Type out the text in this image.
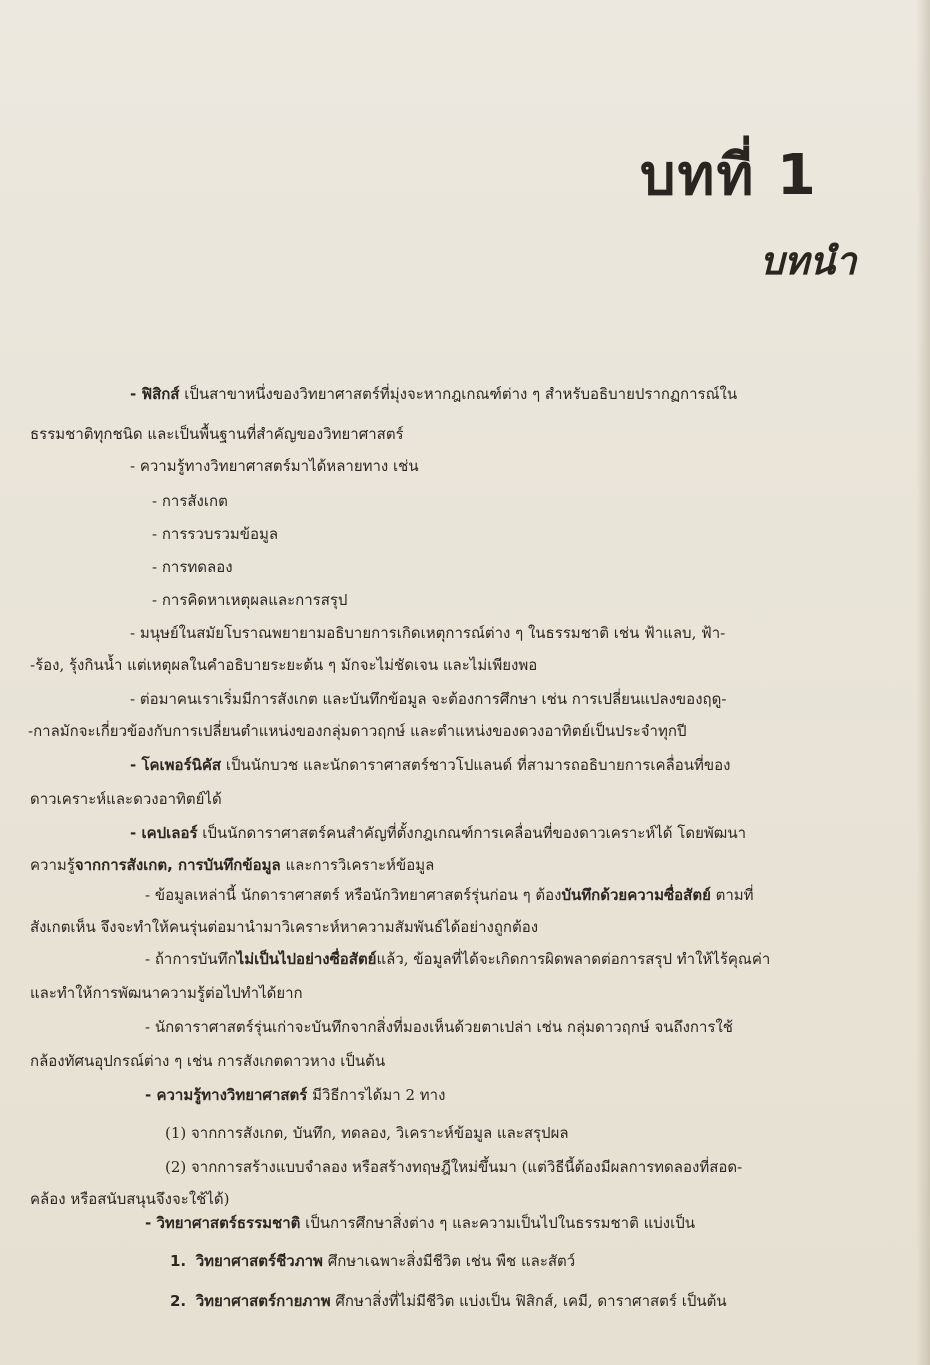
บทที่ 1
บทนำ
- ฟิสิกส์ เป็นสาขาหนึ่งของวิทยาศาสตร์ที่มุ่งจะหากฎเกณฑ์ต่าง ๆ สำหรับอธิบายปรากฏการณ์ใน
ธรรมชาติทุกชนิด และเป็นพื้นฐานที่สำคัญของวิทยาศาสตร์
- ความรู้ทางวิทยาศาสตร์มาได้หลายทาง เช่น
- การสังเกต
- การรวบรวมข้อมูล
- การทดลอง
- การคิดหาเหตุผลและการสรุป
- มนุษย์ในสมัยโบราณพยายามอธิบายการเกิดเหตุการณ์ต่าง ๆ ในธรรมชาติ เช่น ฟ้าแลบ, ฟ้า-
-ร้อง, รุ้งกินน้ำ แต่เหตุผลในคำอธิบายระยะต้น ๆ มักจะไม่ชัดเจน และไม่เพียงพอ
- ต่อมาคนเราเริ่มมีการสังเกต และบันทึกข้อมูล จะต้องการศึกษา เช่น การเปลี่ยนแปลงของฤดู-
-กาลมักจะเกี่ยวข้องกับการเปลี่ยนตำแหน่งของกลุ่มดาวฤกษ์ และตำแหน่งของดวงอาทิตย์เป็นประจำทุกปี
- โคเพอร์นิคัส เป็นนักบวช และนักดาราศาสตร์ชาวโปแลนด์ ที่สามารถอธิบายการเคลื่อนที่ของ
ดาวเคราะห์และดวงอาทิตย์ได้
- เคปเลอร์ เป็นนักดาราศาสตร์คนสำคัญที่ตั้งกฎเกณฑ์การเคลื่อนที่ของดาวเคราะห์ได้ โดยพัฒนา
ความรู้จากการสังเกต, การบันทึกข้อมูล และการวิเคราะห์ข้อมูล
- ข้อมูลเหล่านี้ นักดาราศาสตร์ หรือนักวิทยาศาสตร์รุ่นก่อน ๆ ต้องบันทึกด้วยความซื่อสัตย์ ตามที่
สังเกตเห็น จึงจะทำให้คนรุ่นต่อมานำมาวิเคราะห์หาความสัมพันธ์ได้อย่างถูกต้อง
- ถ้าการบันทึกไม่เป็นไปอย่างซื่อสัตย์แล้ว, ข้อมูลที่ได้จะเกิดการผิดพลาดต่อการสรุป ทำให้ไร้คุณค่า
และทำให้การพัฒนาความรู้ต่อไปทำได้ยาก
- นักดาราศาสตร์รุ่นเก่าจะบันทึกจากสิ่งที่มองเห็นด้วยตาเปล่า เช่น กลุ่มดาวฤกษ์ จนถึงการใช้
กล้องทัศนอุปกรณ์ต่าง ๆ เช่น การสังเกตดาวหาง เป็นต้น
- ความรู้ทางวิทยาศาสตร์ มีวิธีการได้มา 2 ทาง
(1) จากการสังเกต, บันทึก, ทดลอง, วิเคราะห์ข้อมูล และสรุปผล
(2) จากการสร้างแบบจำลอง หรือสร้างทฤษฎีใหม่ขึ้นมา (แต่วิธีนี้ต้องมีผลการทดลองที่สอด-
คล้อง หรือสนับสนุนจึงจะใช้ได้)
- วิทยาศาสตร์ธรรมชาติ เป็นการศึกษาสิ่งต่าง ๆ และความเป็นไปในธรรมชาติ แบ่งเป็น
1. วิทยาศาสตร์ชีวภาพ ศึกษาเฉพาะสิ่งมีชีวิต เช่น พืช และสัตว์
2. วิทยาศาสตร์กายภาพ ศึกษาสิ่งที่ไม่มีชีวิต แบ่งเป็น ฟิสิกส์, เคมี, ดาราศาสตร์ เป็นต้น
